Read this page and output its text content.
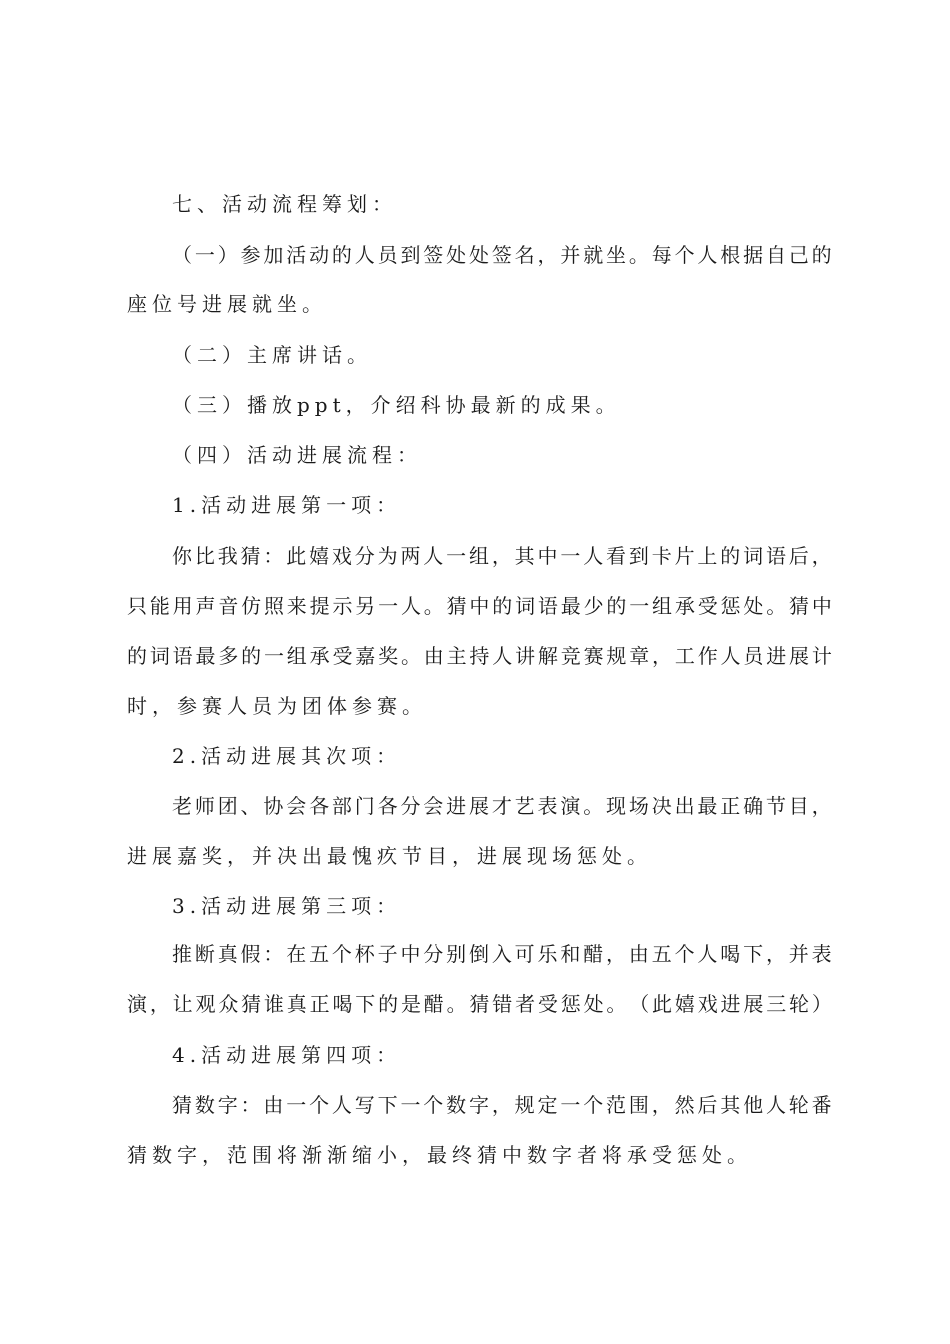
七、活动流程筹划：
（ 一 ） 参 加 活 动 的 人 员 到 签 处 处 签 名 ， 并 就 坐 。 每 个 人 根 据 自 己 的
座位号进展就坐。
（二）主席讲话。
（三）播放ppt，介绍科协最新的成果。
（四）活动进展流程：
1.活动进展第一项：
你 比 我 猜 ： 此 嬉 戏 分 为 两 人 一 组 ， 其 中 一 人 看 到 卡 片 上 的 词 语 后 ，
只 能 用 声 音 仿 照 来 提 示 另 一 人 。 猜 中 的 词 语 最 少 的 一 组 承 受 惩 处 。 猜 中
的 词 语 最 多 的 一 组 承 受 嘉 奖 。 由 主 持 人 讲 解 竞 赛 规 章 ， 工 作 人 员 进 展 计
时，参赛人员为团体参赛。
2.活动进展其次项：
老 师 团 、 协 会 各 部 门 各 分 会 进 展 才 艺 表 演 。 现 场 决 出 最 正 确 节 目 ，
进展嘉奖，并决出最愧疚节目，进展现场惩处。
3.活动进展第三项：
推 断 真 假 ： 在 五 个 杯 子 中 分 别 倒 入 可 乐 和 醋 ， 由 五 个 人 喝 下 ， 并 表
演 ， 让 观 众 猜 谁 真 正 喝 下 的 是 醋 。 猜 错 者 受 惩 处 。 （ 此 嬉 戏 进 展 三 轮 ）
4.活动进展第四项：
猜 数 字 ： 由 一 个 人 写 下 一 个 数 字 ， 规 定 一 个 范 围 ， 然 后 其 他 人 轮 番
猜数字，范围将渐渐缩小，最终猜中数字者将承受惩处。
